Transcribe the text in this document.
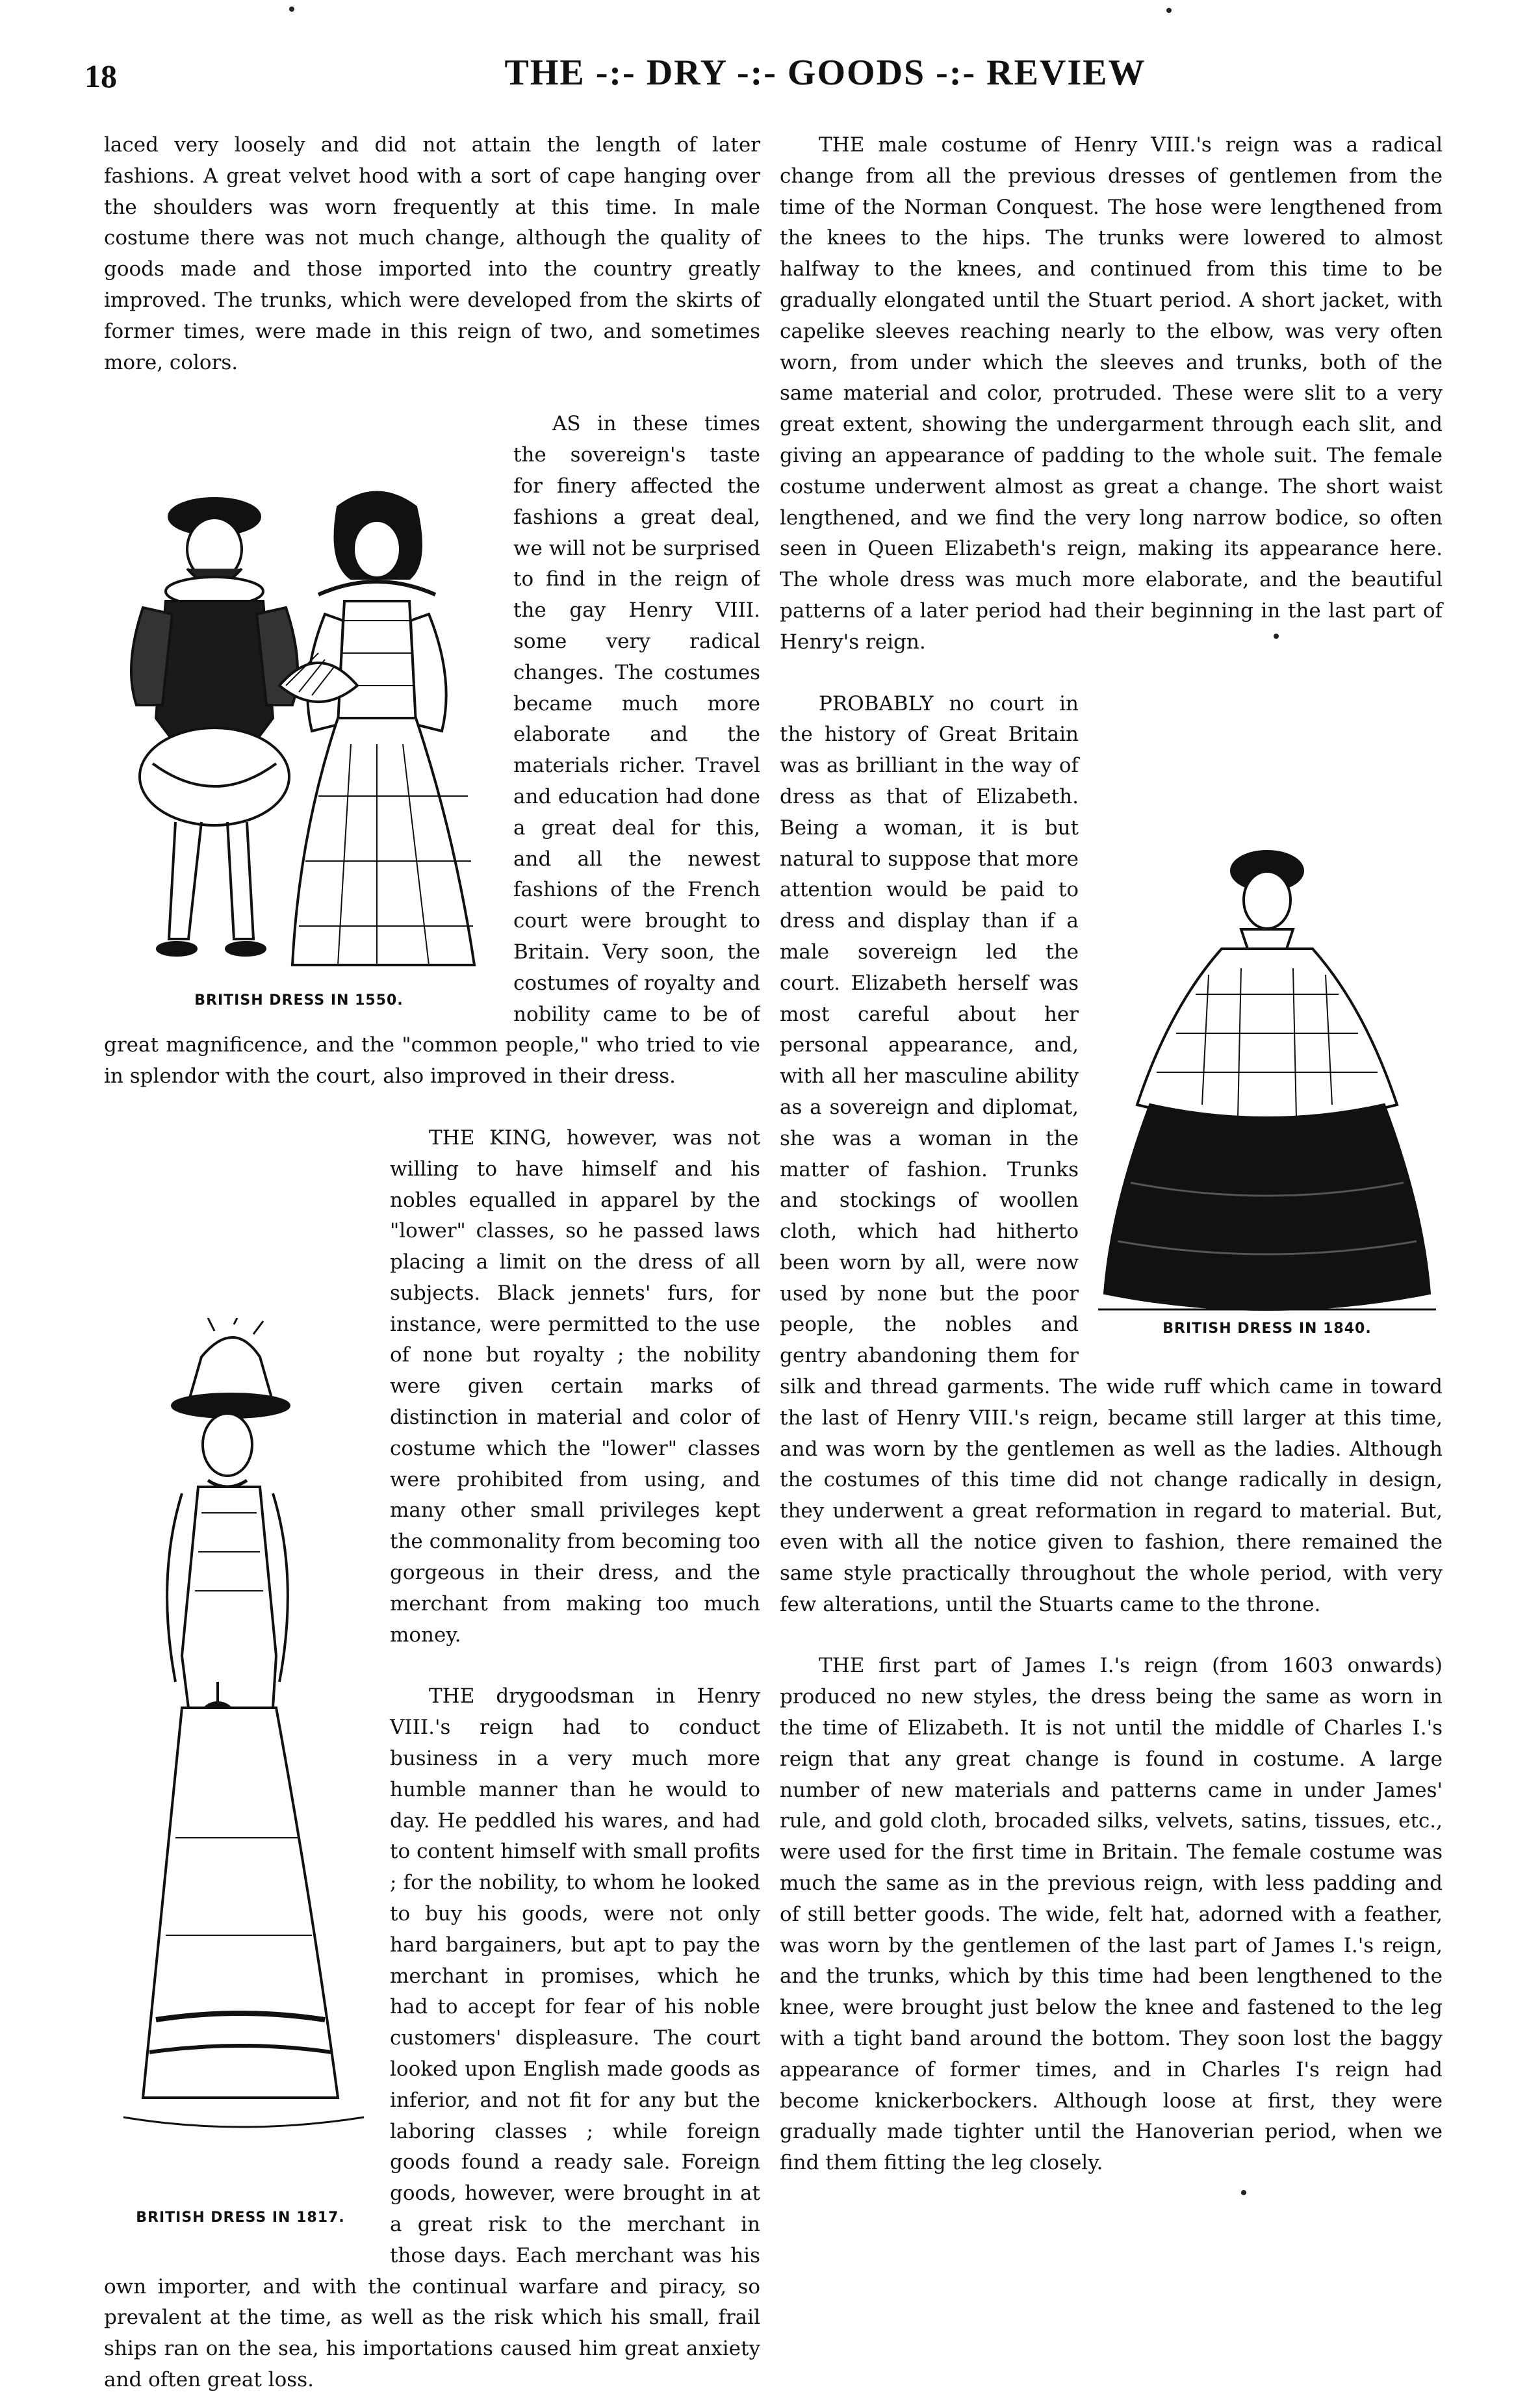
18	THE -:- DRY -:- GOODS -:- REVIEW

laced very loosely and did not attain the length of later fashions. A great velvet hood with a sort of cape hanging over the shoulders was worn frequently at this time. In male costume there was not much change, although the quality of goods made and those imported into the country greatly improved. The trunks, which were developed from the skirts of former times, were made in this reign of two, and sometimes more, colors.

BRITISH DRESS IN 1550.

AS in these times the sovereign's taste for finery affected the fashions a great deal, we will not be surprised to find in the reign of the gay Henry VIII. some very radical changes. The costumes became much more elaborate and the materials richer. Travel and education had done a great deal for this, and all the newest fashions of the French court were brought to Britain. Very soon, the costumes of royalty and nobility came to be of great magnificence, and the "common people," who tried to vie in splendor with the court, also improved in their dress.

BRITISH DRESS IN 1817.

THE KING, however, was not willing to have himself and his nobles equalled in apparel by the "lower" classes, so he passed laws placing a limit on the dress of all subjects. Black jennets' furs, for instance, were permitted to the use of none but royalty ; the nobility were given certain marks of distinction in material and color of costume which the "lower" classes were prohibited from using, and many other small privileges kept the commonality from becoming too gorgeous in their dress, and the merchant from making too much money.

THE drygoodsman in Henry VIII.'s reign had to conduct business in a very much more humble manner than he would to day. He peddled his wares, and had to content himself with small profits ; for the nobility, to whom he looked to buy his goods, were not only hard bargainers, but apt to pay the merchant in promises, which he had to accept for fear of his noble customers' displeasure. The court looked upon English made goods as inferior, and not fit for any but the laboring classes ; while foreign goods found a ready sale. Foreign goods, however, were brought in at a great risk to the merchant in those days. Each merchant was his own importer, and with the continual warfare and piracy, so prevalent at the time, as well as the risk which his small, frail ships ran on the sea, his importations caused him great anxiety and often great loss.

THE male costume of Henry VIII.'s reign was a radical change from all the previous dresses of gentlemen from the time of the Norman Conquest. The hose were lengthened from the knees to the hips. The trunks were lowered to almost halfway to the knees, and continued from this time to be gradually elongated until the Stuart period. A short jacket, with capelike sleeves reaching nearly to the elbow, was very often worn, from under which the sleeves and trunks, both of the same material and color, protruded. These were slit to a very great extent, showing the undergarment through each slit, and giving an appearance of padding to the whole suit. The female costume underwent almost as great a change. The short waist lengthened, and we find the very long narrow bodice, so often seen in Queen Elizabeth's reign, making its appearance here. The whole dress was much more elaborate, and the beautiful patterns of a later period had their beginning in the last part of Henry's reign.

BRITISH DRESS IN 1840.

PROBABLY no court in the history of Great Britain was as brilliant in the way of dress as that of Elizabeth. Being a woman, it is but natural to suppose that more attention would be paid to dress and display than if a male sovereign led the court. Elizabeth herself was most careful about her personal appearance, and, with all her masculine ability as a sovereign and diplomat, she was a woman in the matter of fashion. Trunks and stockings of woollen cloth, which had hitherto been worn by all, were now used by none but the poor people, the nobles and gentry abandoning them for silk and thread garments. The wide ruff which came in toward the last of Henry VIII.'s reign, became still larger at this time, and was worn by the gentlemen as well as the ladies. Although the costumes of this time did not change radically in design, they underwent a great reformation in regard to material. But, even with all the notice given to fashion, there remained the same style practically throughout the whole period, with very few alterations, until the Stuarts came to the throne.

THE first part of James I.'s reign (from 1603 onwards) produced no new styles, the dress being the same as worn in the time of Elizabeth. It is not until the middle of Charles I.'s reign that any great change is found in costume. A large number of new materials and patterns came in under James' rule, and gold cloth, brocaded silks, velvets, satins, tissues, etc., were used for the first time in Britain. The female costume was much the same as in the previous reign, with less padding and of still better goods. The wide, felt hat, adorned with a feather, was worn by the gentlemen of the last part of James I.'s reign, and the trunks, which by this time had been lengthened to the knee, were brought just below the knee and fastened to the leg with a tight band around the bottom. They soon lost the baggy appearance of former times, and in Charles I's reign had become knickerbockers. Although loose at first, they were gradually made tighter until the Hanoverian period, when we find them fitting the leg closely.
